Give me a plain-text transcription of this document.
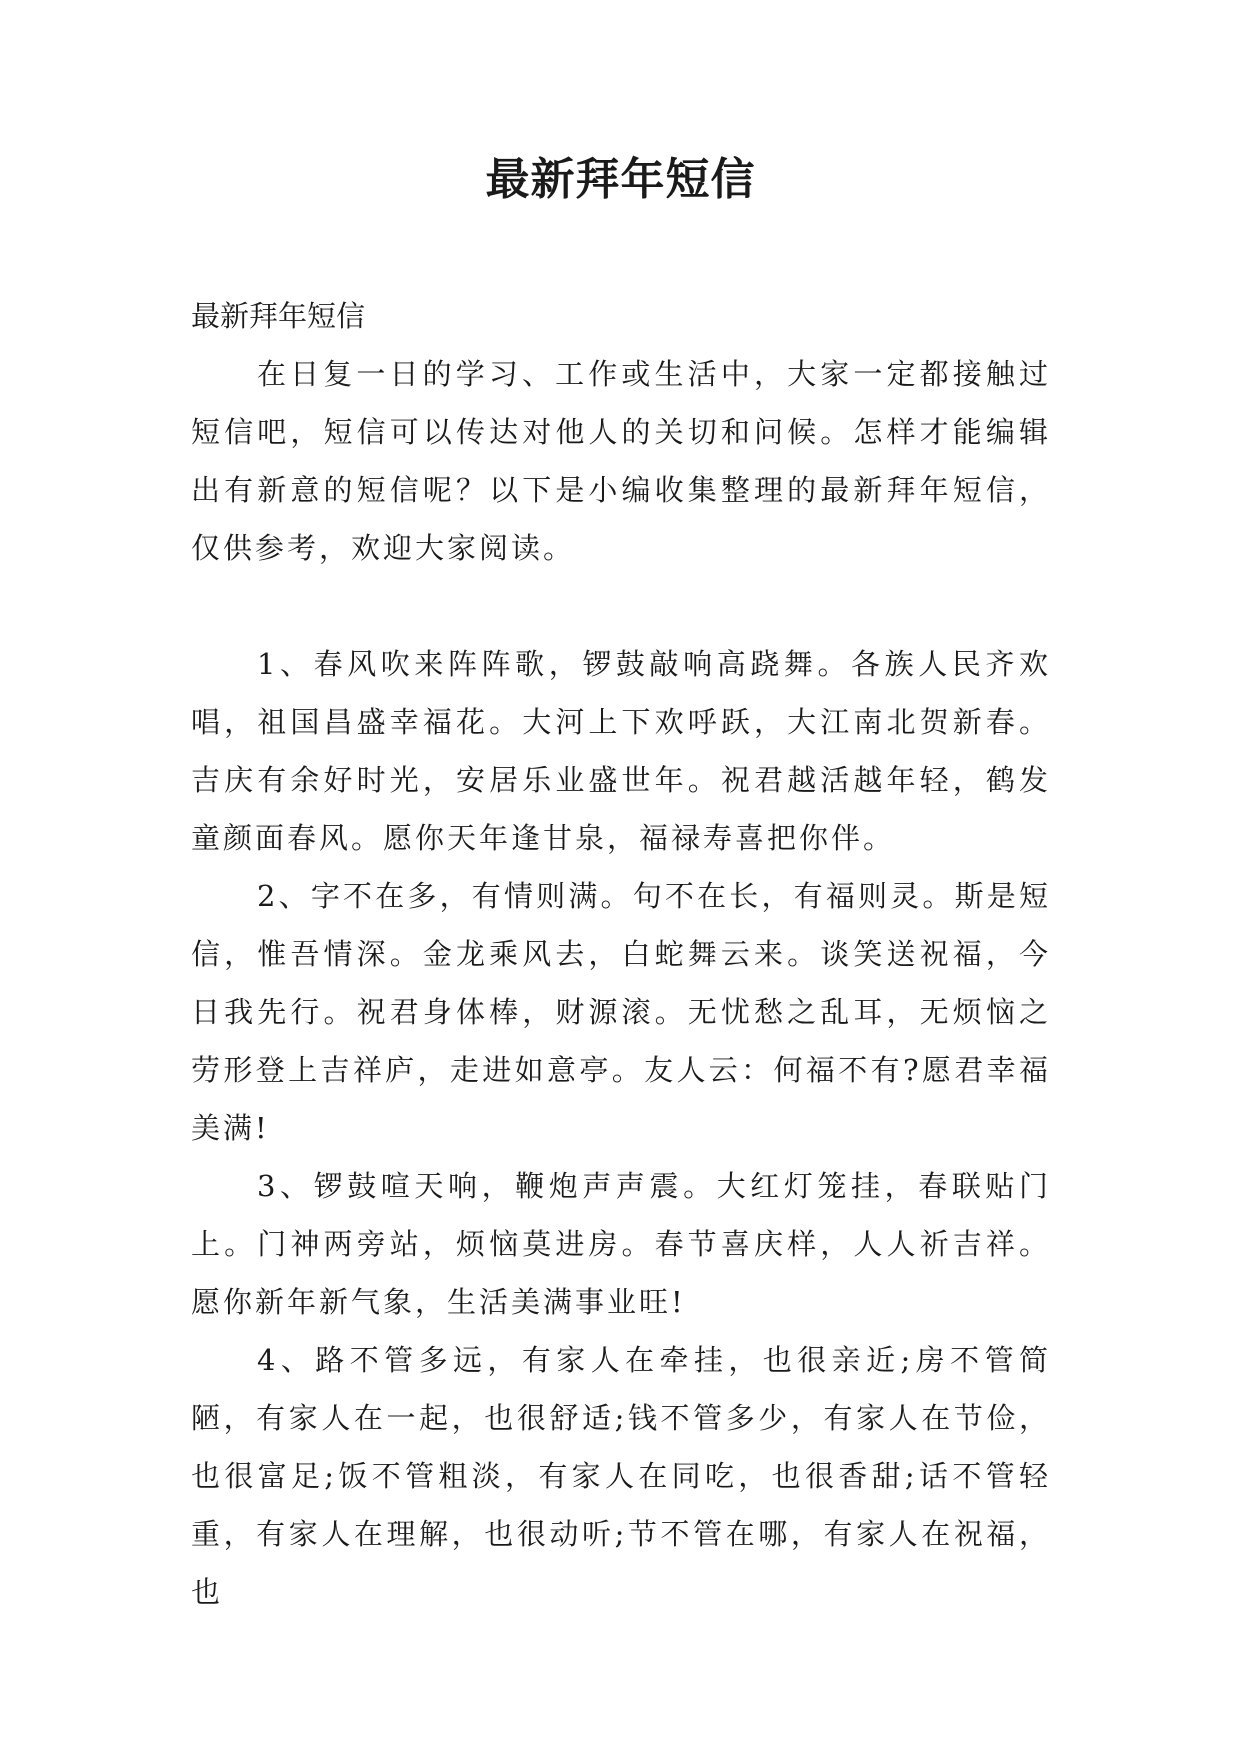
最新拜年短信

最新拜年短信

在日复一日的学习、工作或生活中，大家一定都接触过短信吧，短信可以传达对他人的关切和问候。怎样才能编辑出有新意的短信呢？以下是小编收集整理的最新拜年短信，仅供参考，欢迎大家阅读。

1、春风吹来阵阵歌，锣鼓敲响高跷舞。各族人民齐欢唱，祖国昌盛幸福花。大河上下欢呼跃，大江南北贺新春。吉庆有余好时光，安居乐业盛世年。祝君越活越年轻，鹤发童颜面春风。愿你天年逢甘泉，福禄寿喜把你伴。

2、字不在多，有情则满。句不在长，有福则灵。斯是短信，惟吾情深。金龙乘风去，白蛇舞云来。谈笑送祝福，今日我先行。祝君身体棒，财源滚。无忧愁之乱耳，无烦恼之劳形登上吉祥庐，走进如意亭。友人云：何福不有?愿君幸福美满!

3、锣鼓喧天响，鞭炮声声震。大红灯笼挂，春联贴门上。门神两旁站，烦恼莫进房。春节喜庆样，人人祈吉祥。愿你新年新气象，生活美满事业旺!

4、路不管多远，有家人在牵挂，也很亲近;房不管简陋，有家人在一起，也很舒适;钱不管多少，有家人在节俭，也很富足;饭不管粗淡，有家人在同吃，也很香甜;话不管轻重，有家人在理解，也很动听;节不管在哪，有家人在祝福，也
